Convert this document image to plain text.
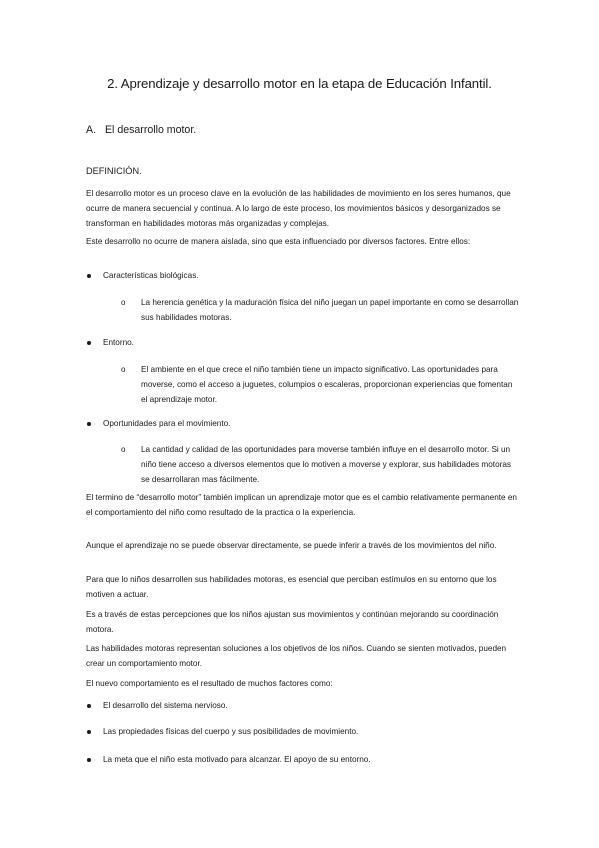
2. Aprendizaje y desarrollo motor en la etapa de Educación Infantil.
A. El desarrollo motor.
DEFINICIÓN.
El desarrollo motor es un proceso clave en la evolución de las habilidades de movimiento en los seres humanos, que ocurre de manera secuencial y continua. A lo largo de este proceso, los movimientos básicos y desorganizados se transforman en habilidades motoras más organizadas y complejas.
Este desarrollo no ocurre de manera aislada, sino que esta influenciado por diversos factores. Entre ellos:
Características biológicas.
o La herencia genética y la maduración física del niño juegan un papel importante en como se desarrollan sus habilidades motoras.
Entorno.
o El ambiente en el que crece el niño también tiene un impacto significativo. Las oportunidades para moverse, como el acceso a juguetes, columpios o escaleras, proporcionan experiencias que fomentan el aprendizaje motor.
Oportunidades para el movimiento.
o La cantidad y calidad de las oportunidades para moverse también influye en el desarrollo motor. Si un niño tiene acceso a diversos elementos que lo motiven a moverse y explorar, sus habilidades motoras se desarrollaran mas fácilmente.
El termino de “desarrollo motor” también implican un aprendizaje motor que es el cambio relativamente permanente en el comportamiento del niño como resultado de la practica o la experiencia.
Aunque el aprendizaje no se puede observar directamente, se puede inferir a través de los movimientos del niño.
Para que lo niños desarrollen sus habilidades motoras, es esencial que perciban estímulos en su entorno que los motiven a actuar.
Es a través de estas percepciones que los niños ajustan sus movimientos y continúan mejorando su coordinación motora.
Las habilidades motoras representan soluciones a los objetivos de los niños. Cuando se sienten motivados, pueden crear un comportamiento motor.
El nuevo comportamiento es el resultado de muchos factores como:
El desarrollo del sistema nervioso.
Las propiedades físicas del cuerpo y sus posibilidades de movimiento.
La meta que el niño esta motivado para alcanzar. El apoyo de su entorno.
